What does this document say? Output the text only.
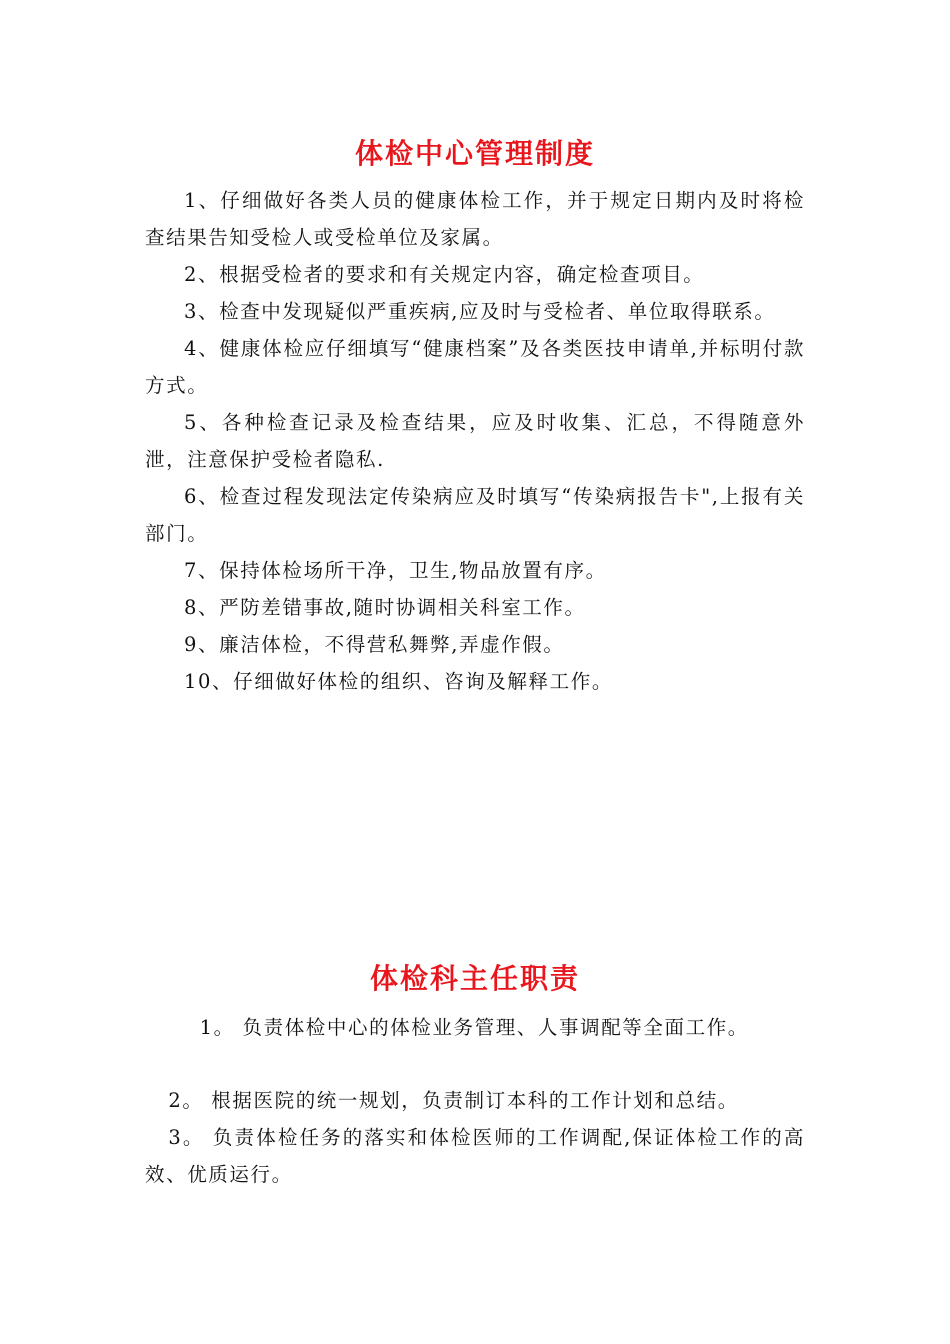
体检中心管理制度

1、仔细做好各类人员的健康体检工作，并于规定日期内及时将检查结果告知受检人或受检单位及家属。

2、根据受检者的要求和有关规定内容，确定检查项目。

3、检查中发现疑似严重疾病,应及时与受检者、单位取得联系。

4、健康体检应仔细填写“健康档案”及各类医技申请单,并标明付款方式。

5、各种检查记录及检查结果，应及时收集、汇总，不得随意外泄，注意保护受检者隐私.

6、检查过程发现法定传染病应及时填写“传染病报告卡",上报有关部门。

7、保持体检场所干净，卫生,物品放置有序。

8、严防差错事故,随时协调相关科室工作。

9、廉洁体检，不得营私舞弊,弄虚作假。

10、仔细做好体检的组织、咨询及解释工作。

体检科主任职责

1。 负责体检中心的体检业务管理、人事调配等全面工作。

2。 根据医院的统一规划，负责制订本科的工作计划和总结。

3。 负责体检任务的落实和体检医师的工作调配,保证体检工作的高效、优质运行。
